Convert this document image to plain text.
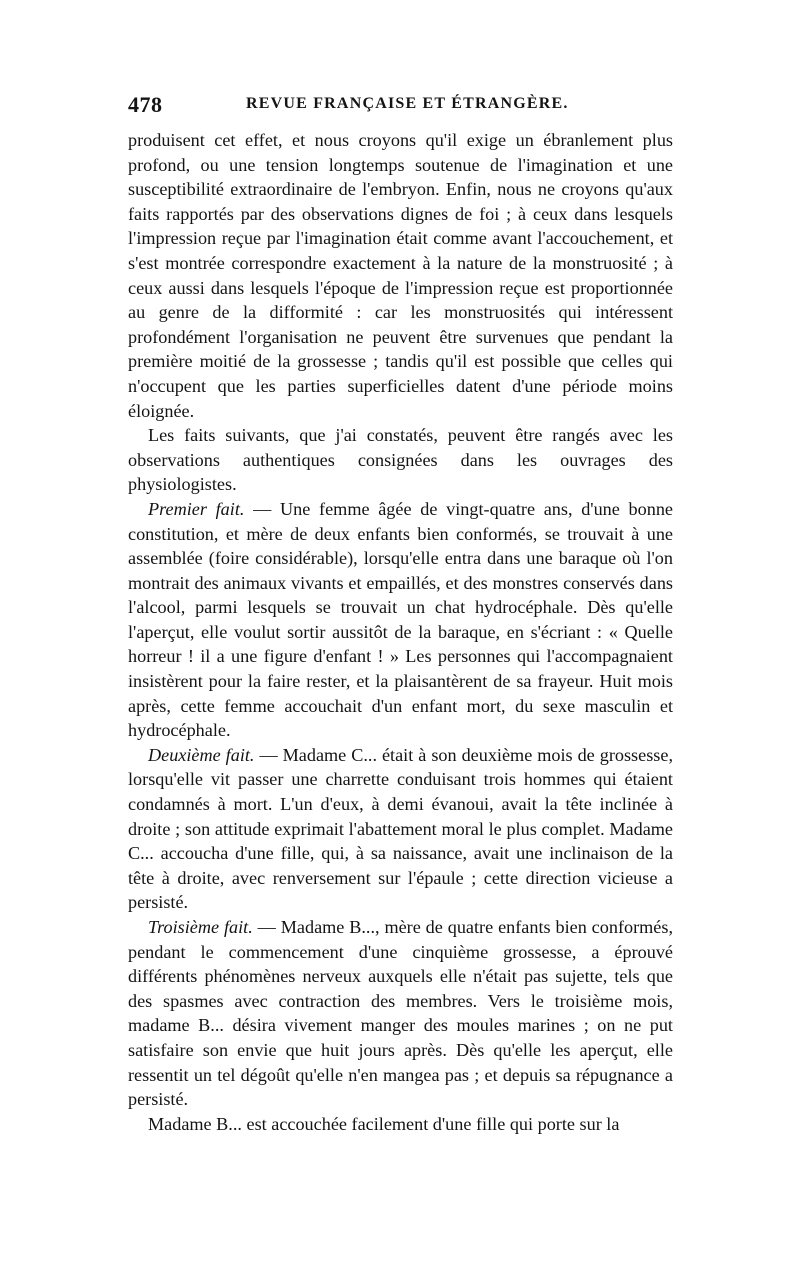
478	REVUE FRANÇAISE ET ÉTRANGÈRE.

produisent cet effet, et nous croyons qu'il exige un ébranlement plus profond, ou une tension longtemps soutenue de l'imagination et une susceptibilité extraordinaire de l'embryon. Enfin, nous ne croyons qu'aux faits rapportés par des observations dignes de foi ; à ceux dans lesquels l'impression reçue par l'imagination était comme avant l'accouchement, et s'est montrée correspondre exactement à la nature de la monstruosité ; à ceux aussi dans lesquels l'époque de l'impression reçue est proportionnée au genre de la difformité : car les monstruosités qui intéressent profondément l'organisation ne peuvent être survenues que pendant la première moitié de la grossesse ; tandis qu'il est possible que celles qui n'occupent que les parties superficielles datent d'une période moins éloignée.

Les faits suivants, que j'ai constatés, peuvent être rangés avec les observations authentiques consignées dans les ouvrages des physiologistes.

Premier fait. — Une femme âgée de vingt-quatre ans, d'une bonne constitution, et mère de deux enfants bien conformés, se trouvait à une assemblée (foire considérable), lorsqu'elle entra dans une baraque où l'on montrait des animaux vivants et empaillés, et des monstres conservés dans l'alcool, parmi lesquels se trouvait un chat hydrocéphale. Dès qu'elle l'aperçut, elle voulut sortir aussitôt de la baraque, en s'écriant : « Quelle horreur ! il a une figure d'enfant ! » Les personnes qui l'accompagnaient insistèrent pour la faire rester, et la plaisantèrent de sa frayeur. Huit mois après, cette femme accouchait d'un enfant mort, du sexe masculin et hydrocéphale.

Deuxième fait. — Madame C... était à son deuxième mois de grossesse, lorsqu'elle vit passer une charrette conduisant trois hommes qui étaient condamnés à mort. L'un d'eux, à demi évanoui, avait la tête inclinée à droite ; son attitude exprimait l'abattement moral le plus complet. Madame C... accoucha d'une fille, qui, à sa naissance, avait une inclinaison de la tête à droite, avec renversement sur l'épaule ; cette direction vicieuse a persisté.

Troisième fait. — Madame B..., mère de quatre enfants bien conformés, pendant le commencement d'une cinquième grossesse, a éprouvé différents phénomènes nerveux auxquels elle n'était pas sujette, tels que des spasmes avec contraction des membres. Vers le troisième mois, madame B... désira vivement manger des moules marines ; on ne put satisfaire son envie que huit jours après. Dès qu'elle les aperçut, elle ressentit un tel dégoût qu'elle n'en mangea pas ; et depuis sa répugnance a persisté.

Madame B... est accouchée facilement d'une fille qui porte sur la
